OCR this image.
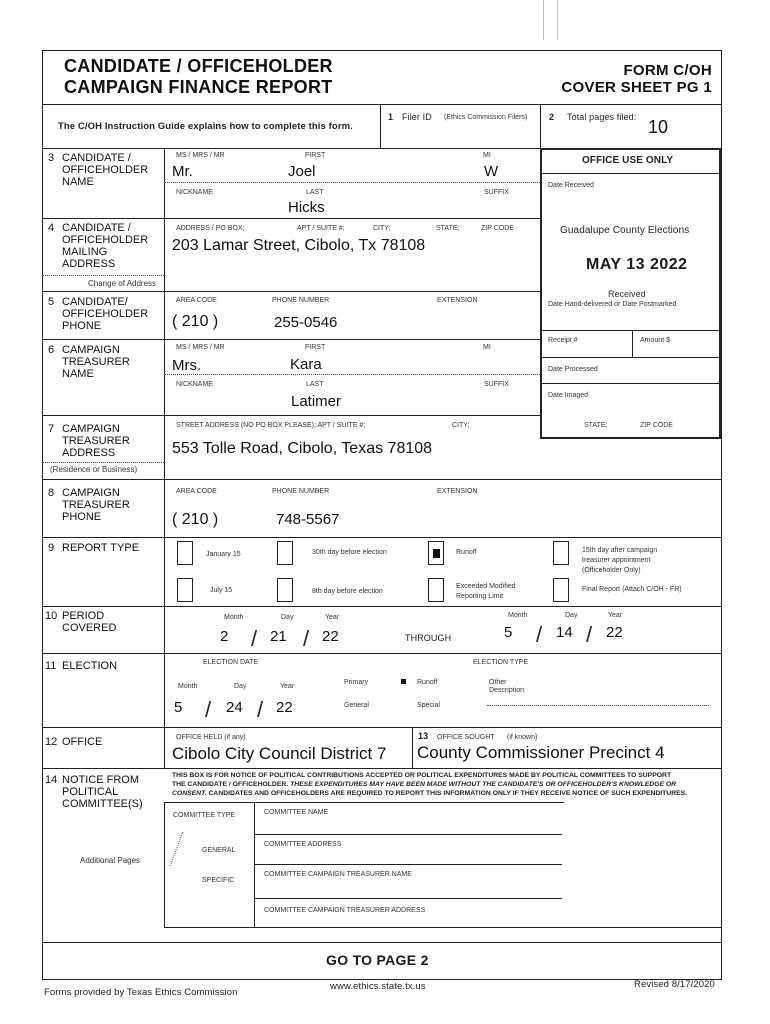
CANDIDATE / OFFICEHOLDER
CAMPAIGN FINANCE REPORT
FORM C/OH
COVER SHEET PG 1
The C/OH Instruction Guide explains how to complete this form.
1 Filer ID (Ethics Commission Filers) 2 Total pages filed: 10
3 CANDIDATE / OFFICEHOLDER NAME
MS / MRS / MR	FIRST	MI
Mr.	Joel	W
NICKNAME	LAST	SUFFIX
Hicks
OFFICE USE ONLY
Date Received
Guadalupe County Elections
MAY 13 2022
Received
Date Hand-delivered or Date Postmarked
Receipt #	Amount $
Date Processed
Date Imaged
4 CANDIDATE / OFFICEHOLDER MAILING ADDRESS
ADDRESS / PO BOX;	APT / SUITE #;	CITY;	STATE;	ZIP CODE
203 Lamar Street, Cibolo, Tx 78108
Change of Address
5 CANDIDATE/ OFFICEHOLDER PHONE
AREA CODE	PHONE NUMBER	EXTENSION
( 210 )	255-0546
6 CAMPAIGN TREASURER NAME
MS / MRS / MR	FIRST	MI
Mrs.	Kara
NICKNAME	LAST	SUFFIX
Latimer
7 CAMPAIGN TREASURER ADDRESS
STREET ADDRESS (NO PO BOX PLEASE); APT / SUITE #;	CITY;	STATE;	ZIP CODE
553 Tolle Road, Cibolo, Texas 78108
(Residence or Business)
8 CAMPAIGN TREASURER PHONE
AREA CODE	PHONE NUMBER	EXTENSION
( 210 )	748-5567
9 REPORT TYPE
January 15	30th day before election	Runoff	15th day after campaign
treasurer appointment
(Officeholder Only)
July 15	8th day before election
Exceeded Modified
Reporting Limit
Final Report (Attach C/OH - FR)
10 PERIOD COVERED
Month	Day	Year
2 / 21 / 22	THROUGH
Month	Day	Year
5 / 14 / 22
11 ELECTION	ELECTION DATE	ELECTION TYPE
Month	Day	Year
Primary	Runoff	Other
Description
5 / 24 / 22	General	Special
12 OFFICE	OFFICE HELD (if any)
Cibolo City Council District 7
13 OFFICE SOUGHT (if known)
County Commissioner Precinct 4
14 NOTICE FROM POLITICAL COMMITTEE(S)
THIS BOX IS FOR NOTICE OF POLITICAL CONTRIBUTIONS ACCEPTED OR POLITICAL EXPENDITURES MADE BY POLITICAL COMMITTEES TO SUPPORT
THE CANDIDATE / OFFICEHOLDER. THESE EXPENDITURES MAY HAVE BEEN MADE WITHOUT THE CANDIDATE'S OR OFFICEHOLDER'S KNOWLEDGE OR
CONSENT. CANDIDATES AND OFFICEHOLDERS ARE REQUIRED TO REPORT THIS INFORMATION ONLY IF THEY RECEIVE NOTICE OF SUCH EXPENDITURES.
COMMITTEE TYPE	COMMITTEE NAME
COMMITTEE ADDRESS
GENERAL
Additional Pages
COMMITTEE CAMPAIGN TREASURER NAME
SPECIFIC
COMMITTEE CAMPAIGN TREASURER ADDRESS
GO TO PAGE 2
Forms provided by Texas Ethics Commission
www.ethics.state.tx.us	Revised 8/17/2020
